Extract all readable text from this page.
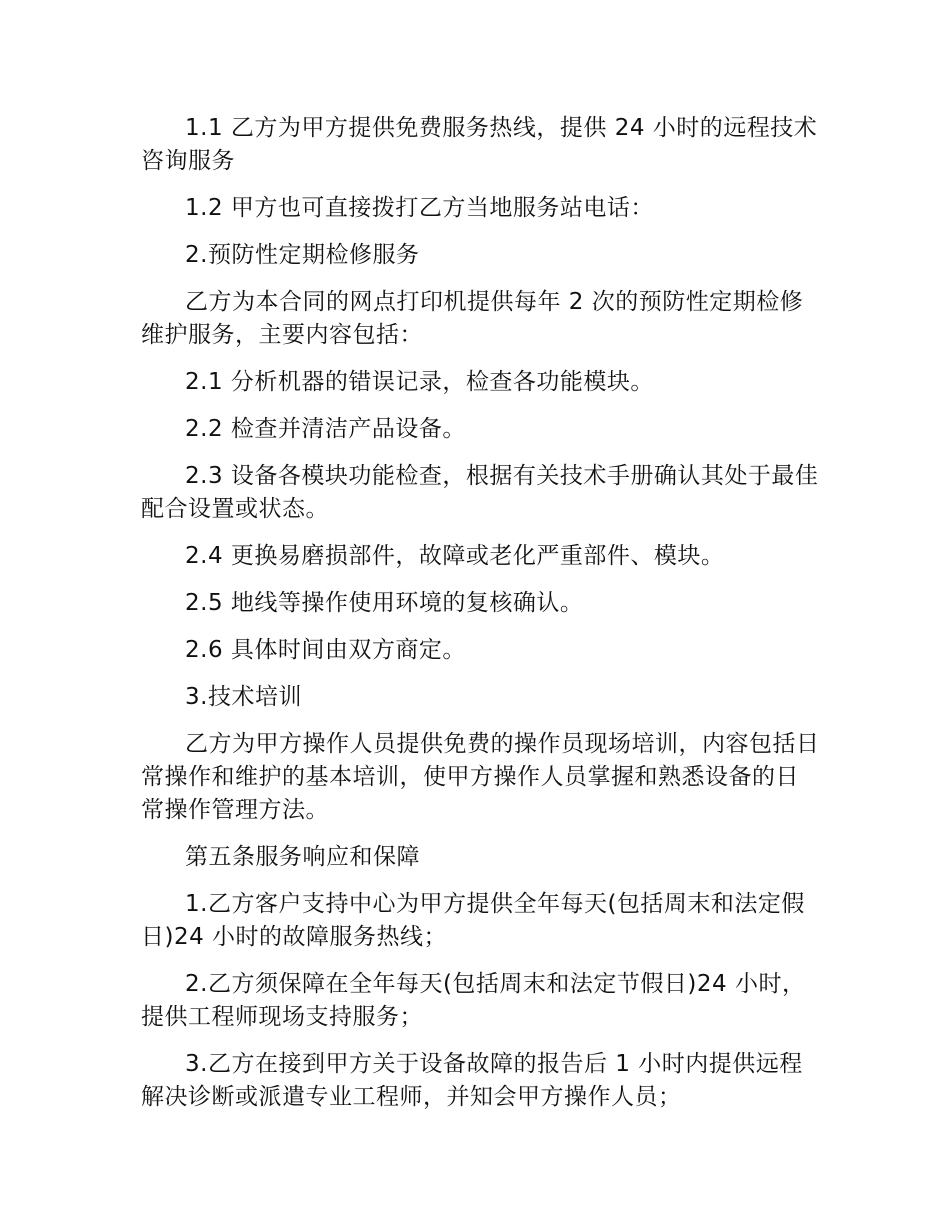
1.1 乙方为甲方提供免费服务热线，提供 24 小时的远程技术咨询服务

1.2 甲方也可直接拨打乙方当地服务站电话：

2.预防性定期检修服务

乙方为本合同的网点打印机提供每年 2 次的预防性定期检修维护服务，主要内容包括：

2.1 分析机器的错误记录，检查各功能模块。

2.2 检查并清洁产品设备。

2.3 设备各模块功能检查，根据有关技术手册确认其处于最佳配合设置或状态。

2.4 更换易磨损部件，故障或老化严重部件、模块。

2.5 地线等操作使用环境的复核确认。

2.6 具体时间由双方商定。

3.技术培训

乙方为甲方操作人员提供免费的操作员现场培训，内容包括日常操作和维护的基本培训，使甲方操作人员掌握和熟悉设备的日常操作管理方法。

第五条服务响应和保障

1.乙方客户支持中心为甲方提供全年每天(包括周末和法定假日)24 小时的故障服务热线；

2.乙方须保障在全年每天(包括周末和法定节假日)24 小时，提供工程师现场支持服务；

3.乙方在接到甲方关于设备故障的报告后 1 小时内提供远程解决诊断或派遣专业工程师，并知会甲方操作人员；
